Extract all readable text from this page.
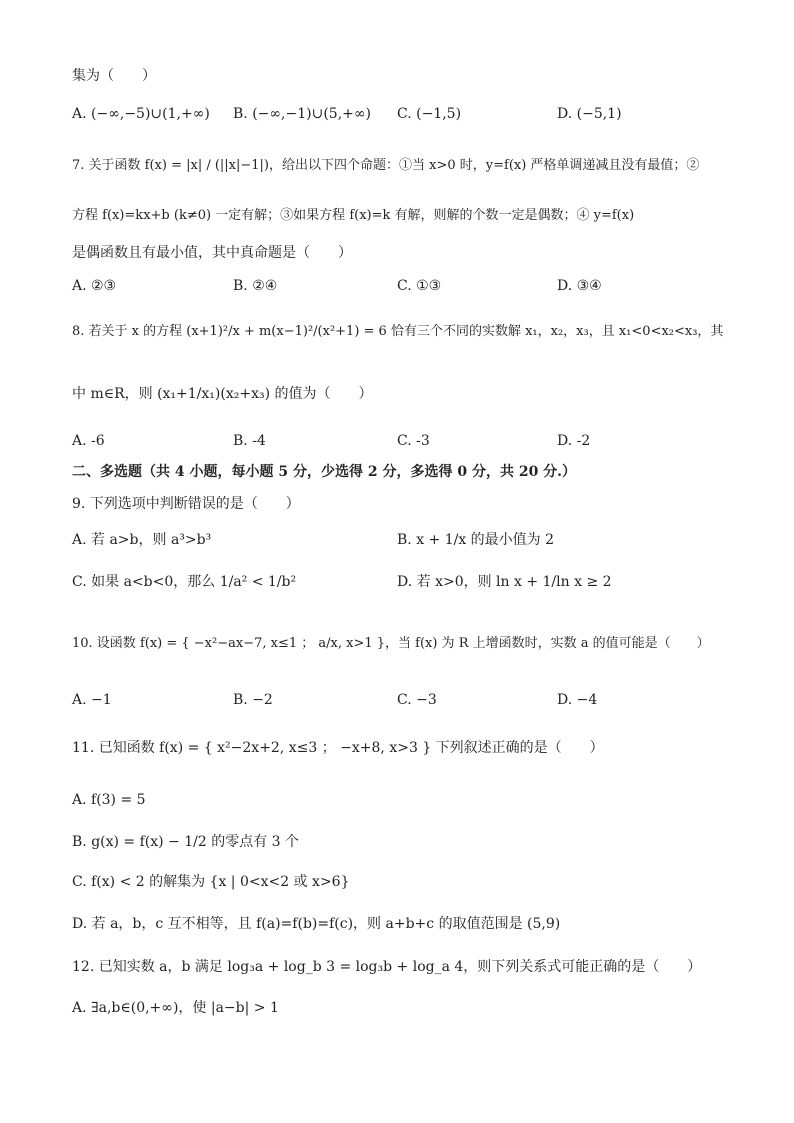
集为（　　）
A. (−∞,−5)∪(1,+∞) B. (−∞,−1)∪(5,+∞) C. (−1,5)	D. (−5,1)
7. 关于函数 f(x) = |x| / (||x|−1|)，给出以下四个命题：①当 x>0 时，y=f(x) 严格单调递减且没有最值；②
方程 f(x)=kx+b (k≠0) 一定有解；③如果方程 f(x)=k 有解，则解的个数一定是偶数；④ y=f(x)
是偶函数且有最小值，其中真命题是（　　）
A. ②③	B. ②④	C. ①③	D. ③④
8. 若关于 x 的方程 (x+1)²/x + m(x−1)²/(x²+1) = 6 恰有三个不同的实数解 x₁，x₂，x₃，且 x₁<0<x₂<x₃，其
中 m∈R，则 (x₁+1/x₁)(x₂+x₃) 的值为（　　）
A. -6	B. -4	C. -3	D. -2
二、多选题（共 4 小题，每小题 5 分，少选得 2 分，多选得 0 分，共 20 分.）
9. 下列选项中判断错误的是（　　）
A. 若 a>b，则 a³>b³	B. x + 1/x 的最小值为 2
C. 如果 a<b<0，那么 1/a² < 1/b²	D. 若 x>0，则 ln x + 1/ln x ≥ 2
10. 设函数 f(x) = { −x²−ax−7, x≤1 ； a/x, x>1 }，当 f(x) 为 R 上增函数时，实数 a 的值可能是（　　）
A. −1	B. −2	C. −3	D. −4
11. 已知函数 f(x) = { x²−2x+2, x≤3 ； −x+8, x>3 } 下列叙述正确的是（　　）
A. f(3) = 5
B. g(x) = f(x) − 1/2 的零点有 3 个
C. f(x) < 2 的解集为 {x | 0<x<2 或 x>6}
D. 若 a，b，c 互不相等，且 f(a)=f(b)=f(c)，则 a+b+c 的取值范围是 (5,9)
12. 已知实数 a，b 满足 log₃a + log_b 3 = log₃b + log_a 4，则下列关系式可能正确的是（　　）
A. ∃a,b∈(0,+∞)，使 |a−b| > 1
